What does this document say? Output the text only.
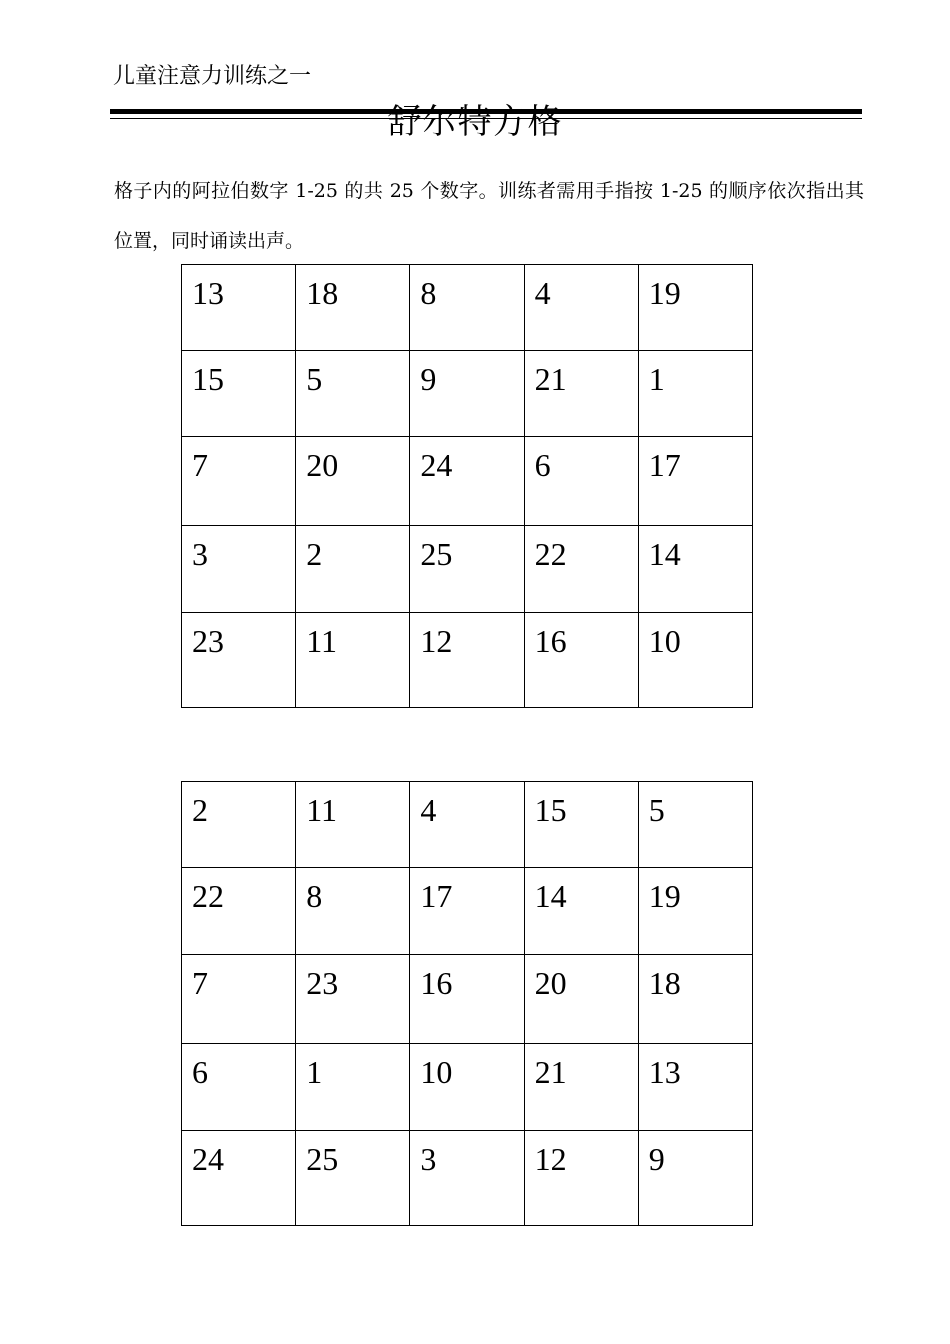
儿童注意力训练之一
舒尔特方格
格子内的阿拉伯数字 1-25 的共 25 个数字。训练者需用手指按 1-25 的顺序依次指出其位置，同时诵读出声。
13	18	8	4	19
15	5	9	21	1
7	20	24	6	17
3	2	25	22	14
23	11	12	16	10
2	11	4	15	5
22	8	17	14	19
7	23	16	20	18
6	1	10	21	13
24	25	3	12	9
